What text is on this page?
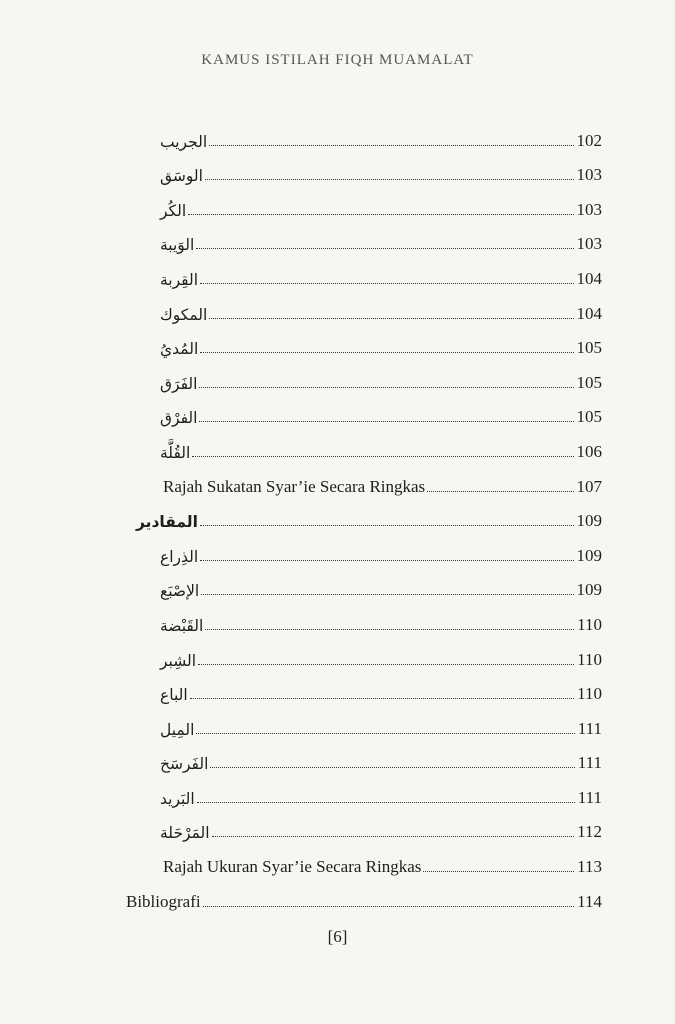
KAMUS ISTILAH FIQH MUAMALAT
الجريب	102
الوسَق	103
الكُر	103
الوَيبة	103
القِربة	104
المكوك	104
المُديُ	105
الفَرَق	105
الفرْق	105
القُلَّة	106
Rajah Sukatan Syar’ie Secara Ringkas	107
المقادير	109
الذِراع	109
الإصْبَع	109
القَبْضة	110
الشِبر	110
الباع	110
المِيل	111
الفَرسَخ	111
البَريد	111
المَرْحَلة	112
Rajah Ukuran Syar’ie Secara Ringkas	113
Bibliografi	114
[6]
